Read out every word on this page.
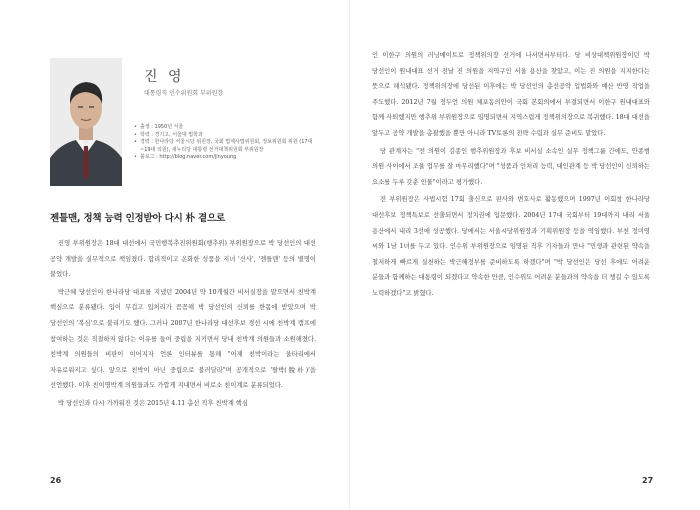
진 영
대통령직 인수위원회 부위원장
• 출생 : 1950년 서울
• 학력 : 경기고, 서울대 법학과
• 경력 : 한나라당 서울시당 위원장, 국회 법제사법위원회, 정보위원회 위원 (17대~19대 의원), 새누리당 대통령 선거대책위원회 부위원장
• 블로그 : http://blog.naver.com/jinyoung
젠틀맨, 정책 능력 인정받아 다시 朴 곁으로

진영 부위원장은 18대 대선에서 국민행복추진위원회(행추위) 부위원장으로 박 당선인의 대선 공약 개발을 실무적으로 책임졌다. 합리적이고 온화한 성품을 지녀 '신사', '젠틀맨' 등의 별명이 붙었다.

박근혜 당선인이 한나라당 대표를 지냈던 2004년 약 10개월간 비서실장을 맡으면서 친박계 핵심으로 분류됐다. 입이 무겁고 입처리가 꼼꼼해 박 당선인의 신뢰를 한몸에 받았으며 박 당선인의 '복심'으로 불리기도 했다. 그러나 2007년 한나라당 대선후보 경선 시에 친박계 캠프에 참여하는 것은 적절하지 않다는 이유를 들어 중립을 지키면서 당내 친박계 의원들과 소원해졌다. 친박계 의원들의 비판이 이어지자 언론 인터뷰를 통해 "이제 친박이라는 울타리에서 자유로워지고 싶다. 앞으로 친박이 아닌 중립으로 불러달라"며 공개적으로 '탈박(脫朴)'을 선언했다. 이후 친이명박계 의원들과도 가깝게 지내면서 비로소 친이계로 분류되었다.

박 당선인과 다시 가까워진 것은 2015년 4.11 총선 직후 친박계 핵심

26

인 이한구 의원의 러닝메이트로 정책위의장 선거에 나서면서부터다. 당 비상대책위원장이던 박 당선인이 원내대표 선거 전날 진 의원을 지역구인 서울 용산을 찾았고, 이는 진 의원을 지지한다는 뜻으로 해석됐다. 정책위의장에 당선된 이후에는 박 당선인의 총선공약 입법화와 예산 반영 작업을 주도했다. 2012년 7월 정두언 의원 체포동의안이 국회 본회의에서 부결되면서 이한구 원내대표와 함께 사퇴했지만 행추위 부위원장으로 임명되면서 지역스럽게 정책위의장으로 복귀했다. 18대 대선을 앞두고 공약 개발을 총괄했을 뿐만 아니라 TV토론의 전략 수립과 실무 준비도 맡았다.

당 관계자는 "전 의원이 김종인 행추위원장과 후보 비서실 소속인 실무 정책그룹 간에도, 안종범 의원 사이에서 조율 업무를 잘 마무리했다"며 "성품과 인처리 능력, 대인관계 등 박 당선인이 신뢰하는 요소를 두루 갖춘 인물"이라고 평가했다.

전 부위원장은 사법시험 17회 출신으로 판사와 변호사로 활동했으며 1997년 이회창 한나라당 대선후보 정책특보로 선출되면서 정치권에 입문했다. 2004년 17대 국회부터 19대까지 내리 서울 용산에서 내리 3선에 성공했다. 당에서는 서울시당위원장과 기획위원장 등을 역임했다. 부천 정미영 씨와 1남 1녀를 두고 있다. 인수위 부위원장으로 임명된 직후 기자들과 만나 "민생과 관련된 약속을 철저하게 빠르게 실천하는 박근혜정부를 준비하도록 하겠다"며 "박 당선인은 당선 후에도 어려운 분들과 함께하는 대통령이 되겠다고 약속한 만큼, 인수위도 어려운 분들과의 약속을 더 챙길 수 있도록 노력하겠다"고 밝혔다.

27
